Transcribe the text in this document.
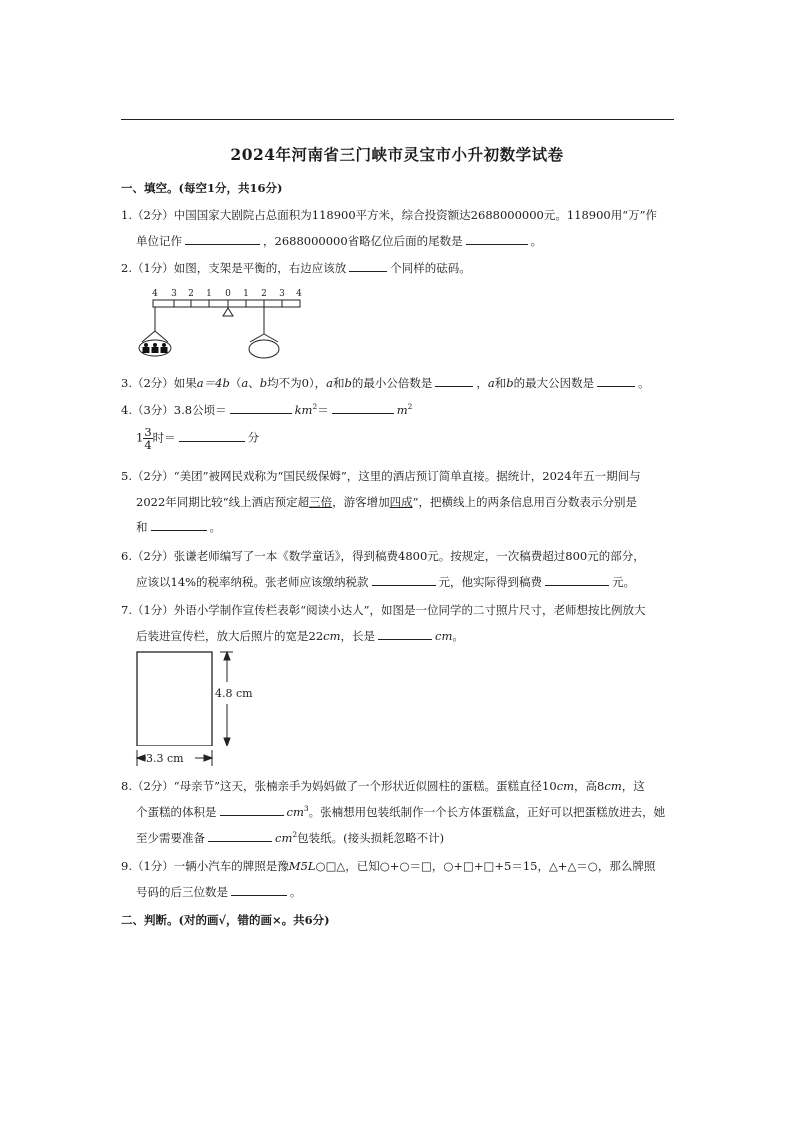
2024年河南省三门峡市灵宝市小升初数学试卷
一、填空。(每空1分，共16分)
1.（2分）中国国家大剧院占总面积为118900平方米，综合投资额达2688000000元。118900用“万”作
单位记作	，2688000000省略亿位后面的尾数是	。
2.（1分）如图，支架是平衡的，右边应该放	个同样的砝码。
4 3 2 1 0 1 2 3 4
3.（2分）如果a＝4b（a、b均不为0），a和b的最小公倍数是	，a和b的最大公因数是	。
4.（3分）3.8公顷＝	$km^2=$	$m^2$
$1 \frac{3}{4}$ 时＝	分
5.（2分）“美团”被网民戏称为“国民级保姆”，这里的酒店预订简单直接。据统计，2024年五一期间与
2022年同期比较“线上酒店预定超三倍，游客增加四成”，把横线上的两条信息用百分数表示分别是
和	。
6.（2分）张谦老师编写了一本《数学童话》，得到稿费4800元。按规定，一次稿费超过800元的部分，
应该以14%的税率纳税。张老师应该缴纳税款	元，他实际得到稿费	元。
7.（1分）外语小学制作宣传栏表彰“阅读小达人”，如图是一位同学的二寸照片尺寸，老师想按比例放大
后装进宣传栏，放大后照片的宽是22cm，长是	cm。
4.8 cm
3.3 cm
8.（2分）“母亲节”这天，张楠亲手为妈妈做了一个形状近似圆柱的蛋糕。蛋糕直径10cm，高8cm，这
个蛋糕的体积是	$cm^3$。张楠想用包装纸制作一个长方体蛋糕盒，正好可以把蛋糕放进去，她
至少需要准备	$cm^2$包装纸。(接头损耗忽略不计)
9.（1分）一辆小汽车的牌照是豫M5L○□△，已知○+○＝□，○+□+□+5＝15，△+△＝○，那么牌照
号码的后三位数是	。
二、判断。(对的画√，错的画×。共6分)
